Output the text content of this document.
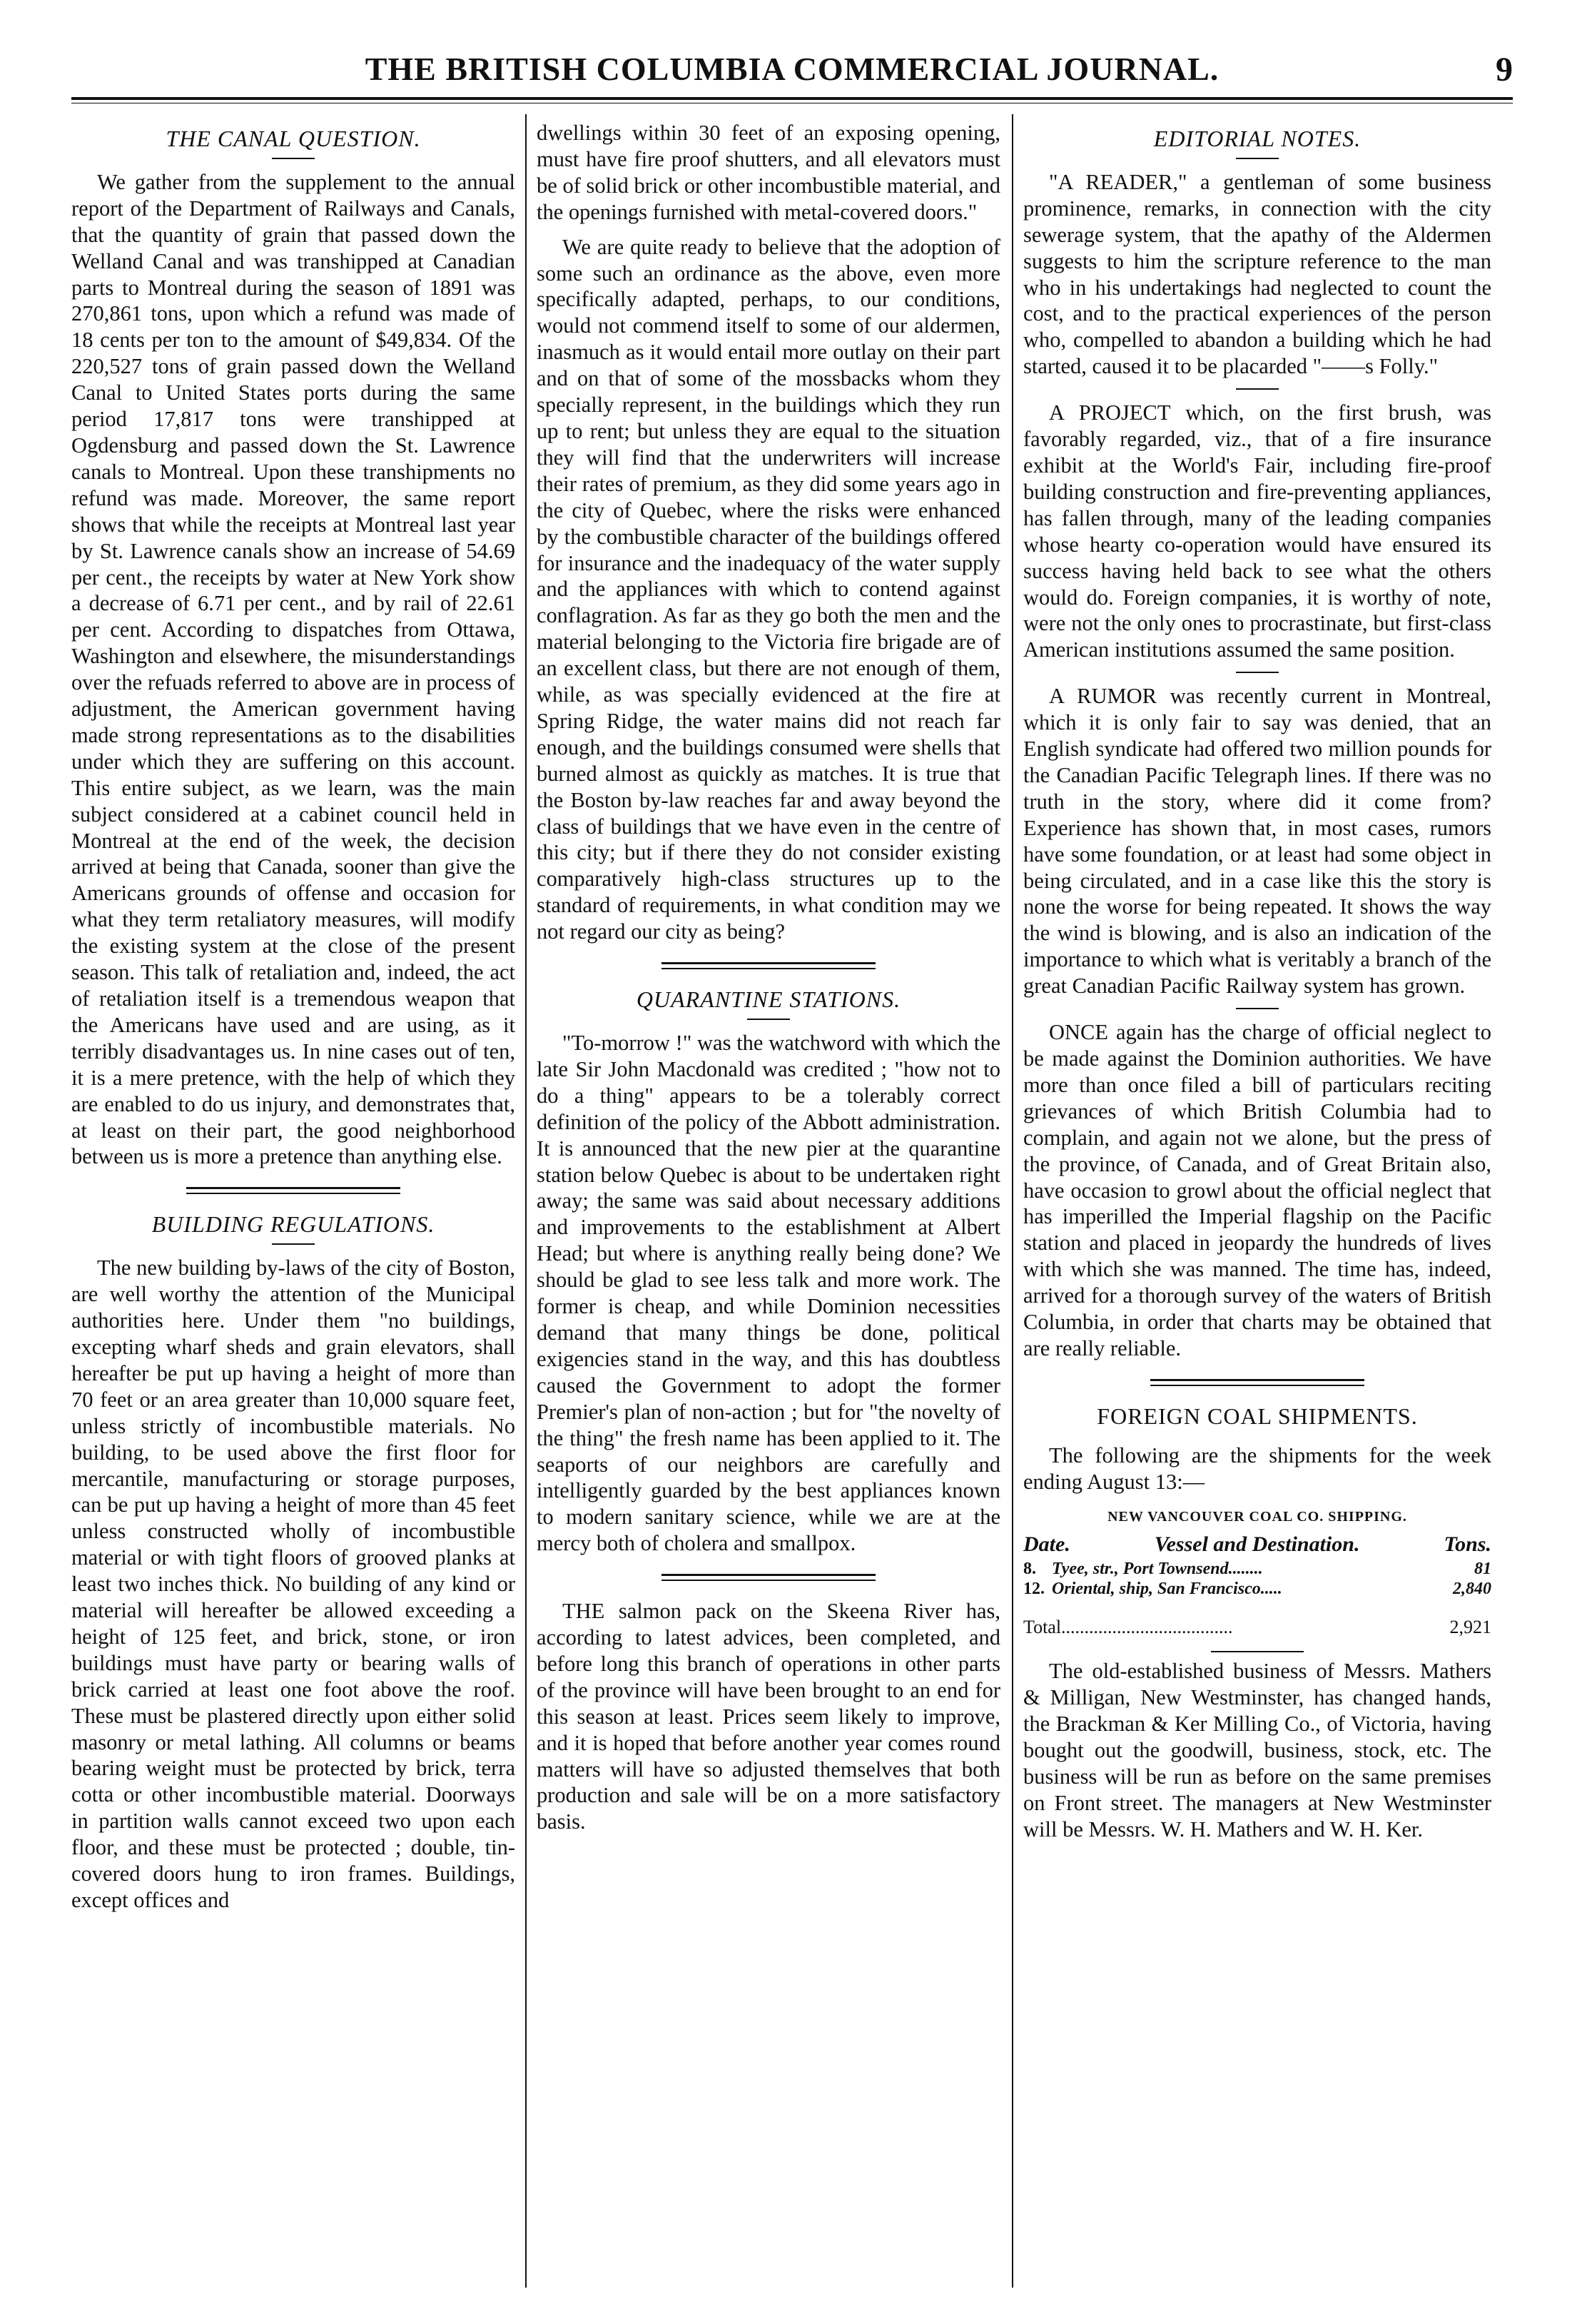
THE BRITISH COLUMBIA COMMERCIAL JOURNAL.	9
THE CANAL QUESTION.

We gather from the supplement to the annual report of the Department of Railways and Canals, that the quantity of grain that passed down the Welland Canal and was transhipped at Canadian parts to Montreal during the season of 1891 was 270,861 tons, upon which a refund was made of 18 cents per ton to the amount of $49,834. Of the 220,527 tons of grain passed down the Welland Canal to United States ports during the same period 17,817 tons were transhipped at Ogdensburg and passed down the St. Lawrence canals to Montreal. Upon these transhipments no refund was made. Moreover, the same report shows that while the receipts at Montreal last year by St. Lawrence canals show an increase of 54.69 per cent., the receipts by water at New York show a decrease of 6.71 per cent., and by rail of 22.61 per cent. According to dispatches from Ottawa, Washington and elsewhere, the misunderstandings over the refuads referred to above are in process of adjustment, the American government having made strong representations as to the disabilities under which they are suffering on this account. This entire subject, as we learn, was the main subject considered at a cabinet council held in Montreal at the end of the week, the decision arrived at being that Canada, sooner than give the Americans grounds of offense and occasion for what they term retaliatory measures, will modify the existing system at the close of the present season. This talk of retaliation and, indeed, the act of retaliation itself is a tremendous weapon that the Americans have used and are using, as it terribly disadvantages us. In nine cases out of ten, it is a mere pretence, with the help of which they are enabled to do us injury, and demonstrates that, at least on their part, the good neighborhood between us is more a pretence than anything else.

BUILDING REGULATIONS.

The new building by-laws of the city of Boston, are well worthy the attention of the Municipal authorities here. Under them "no buildings, excepting wharf sheds and grain elevators, shall hereafter be put up having a height of more than 70 feet or an area greater than 10,000 square feet, unless strictly of incombustible materials. No building, to be used above the first floor for mercantile, manufacturing or storage purposes, can be put up having a height of more than 45 feet unless constructed wholly of incombustible material or with tight floors of grooved planks at least two inches thick. No building of any kind or material will hereafter be allowed exceeding a height of 125 feet, and brick, stone, or iron buildings must have party or bearing walls of brick carried at least one foot above the roof. These must be plastered directly upon either solid masonry or metal lathing. All columns or beams bearing weight must be protected by brick, terra cotta or other incombustible material. Doorways in partition walls cannot exceed two upon each floor, and these must be protected ; double, tin-covered doors hung to iron frames. Buildings, except offices and

dwellings within 30 feet of an exposing opening, must have fire proof shutters, and all elevators must be of solid brick or other incombustible material, and the openings furnished with metal-covered doors."

We are quite ready to believe that the adoption of some such an ordinance as the above, even more specifically adapted, perhaps, to our conditions, would not commend itself to some of our aldermen, inasmuch as it would entail more outlay on their part and on that of some of the mossbacks whom they specially represent, in the buildings which they run up to rent; but unless they are equal to the situation they will find that the underwriters will increase their rates of premium, as they did some years ago in the city of Quebec, where the risks were enhanced by the combustible character of the buildings offered for insurance and the inadequacy of the water supply and the appliances with which to contend against conflagration. As far as they go both the men and the material belonging to the Victoria fire brigade are of an excellent class, but there are not enough of them, while, as was specially evidenced at the fire at Spring Ridge, the water mains did not reach far enough, and the buildings consumed were shells that burned almost as quickly as matches. It is true that the Boston by-law reaches far and away beyond the class of buildings that we have even in the centre of this city; but if there they do not consider existing comparatively high-class structures up to the standard of requirements, in what condition may we not regard our city as being?

QUARANTINE STATIONS.

"To-morrow !" was the watchword with which the late Sir John Macdonald was credited ; "how not to do a thing" appears to be a tolerably correct definition of the policy of the Abbott administration. It is announced that the new pier at the quarantine station below Quebec is about to be undertaken right away; the same was said about necessary additions and improvements to the establishment at Albert Head; but where is anything really being done? We should be glad to see less talk and more work. The former is cheap, and while Dominion necessities demand that many things be done, political exigencies stand in the way, and this has doubtless caused the Government to adopt the former Premier's plan of non-action ; but for "the novelty of the thing" the fresh name has been applied to it. The seaports of our neighbors are carefully and intelligently guarded by the best appliances known to modern sanitary science, while we are at the mercy both of cholera and smallpox.

THE salmon pack on the Skeena River has, according to latest advices, been completed, and before long this branch of operations in other parts of the province will have been brought to an end for this season at least. Prices seem likely to improve, and it is hoped that before another year comes round matters will have so adjusted themselves that both production and sale will be on a more satisfactory basis.

EDITORIAL NOTES.

"A READER," a gentleman of some business prominence, remarks, in connection with the city sewerage system, that the apathy of the Aldermen suggests to him the scripture reference to the man who in his undertakings had neglected to count the cost, and to the practical experiences of the person who, compelled to abandon a building which he had started, caused it to be placarded "——s Folly."

A PROJECT which, on the first brush, was favorably regarded, viz., that of a fire insurance exhibit at the World's Fair, including fire-proof building construction and fire-preventing appliances, has fallen through, many of the leading companies whose hearty co-operation would have ensured its success having held back to see what the others would do. Foreign companies, it is worthy of note, were not the only ones to procrastinate, but first-class American institutions assumed the same position.

A RUMOR was recently current in Montreal, which it is only fair to say was denied, that an English syndicate had offered two million pounds for the Canadian Pacific Telegraph lines. If there was no truth in the story, where did it come from? Experience has shown that, in most cases, rumors have some foundation, or at least had some object in being circulated, and in a case like this the story is none the worse for being repeated. It shows the way the wind is blowing, and is also an indication of the importance to which what is veritably a branch of the great Canadian Pacific Railway system has grown.

ONCE again has the charge of official neglect to be made against the Dominion authorities. We have more than once filed a bill of particulars reciting grievances of which British Columbia had to complain, and again not we alone, but the press of the province, of Canada, and of Great Britain also, have occasion to growl about the official neglect that has imperilled the Imperial flagship on the Pacific station and placed in jeopardy the hundreds of lives with which she was manned. The time has, indeed, arrived for a thorough survey of the waters of British Columbia, in order that charts may be obtained that are really reliable.

FOREIGN COAL SHIPMENTS.

The following are the shipments for the week ending August 13:—

NEW VANCOUVER COAL CO. SHIPPING.
Date.	Vessel and Destination.	Tons.
8. Tyee, str., Port Townsend........	81
12. Oriental, ship, San Francisco.....	2,840
Total.....................................	2,921

The old-established business of Messrs. Mathers & Milligan, New Westminster, has changed hands, the Brackman & Ker Milling Co., of Victoria, having bought out the goodwill, business, stock, etc. The business will be run as before on the same premises on Front street. The managers at New Westminster will be Messrs. W. H. Mathers and W. H. Ker.
